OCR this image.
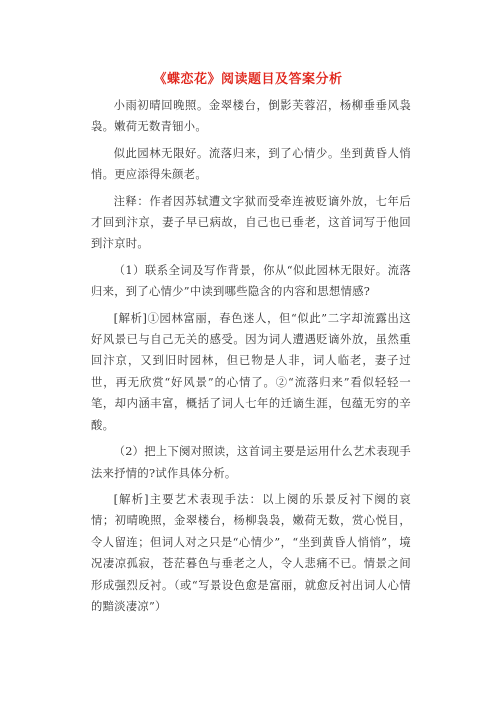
《蝶恋花》阅读题目及答案分析

小雨初晴回晚照。金翠楼台，倒影芙蓉沼，杨柳垂垂风袅袅。嫩荷无数青钿小。

似此园林无限好。流落归来，到了心情少。坐到黄昏人悄悄。更应添得朱颜老。

注释：作者因苏轼遭文字狱而受牵连被贬谪外放，七年后才回到汴京，妻子早已病故，自己也已垂老，这首词写于他回到汴京时。

（1）联系全词及写作背景，你从“似此园林无限好。流落归来，到了心情少”中读到哪些隐含的内容和思想情感?

[解析]①园林富丽，春色迷人，但“似此”二字却流露出这好风景已与自己无关的感受。因为词人遭遇贬谪外放，虽然重回汴京，又到旧时园林，但已物是人非，词人临老，妻子过世，再无欣赏“好风景”的心情了。②“流落归来”看似轻轻一笔，却内涵丰富，概括了词人七年的迁谪生涯，包蕴无穷的辛酸。

（2）把上下阕对照读，这首词主要是运用什么艺术表现手法来抒情的?试作具体分析。

[解析]主要艺术表现手法：以上阕的乐景反衬下阕的哀情；初晴晚照，金翠楼台，杨柳袅袅，嫩荷无数，赏心悦目，令人留连；但词人对之只是“心情少”，“坐到黄昏人悄悄”，境况凄凉孤寂，苍茫暮色与垂老之人，令人悲痛不已。情景之间形成强烈反衬。（或“写景设色愈是富丽，就愈反衬出词人心情的黯淡凄凉”）
